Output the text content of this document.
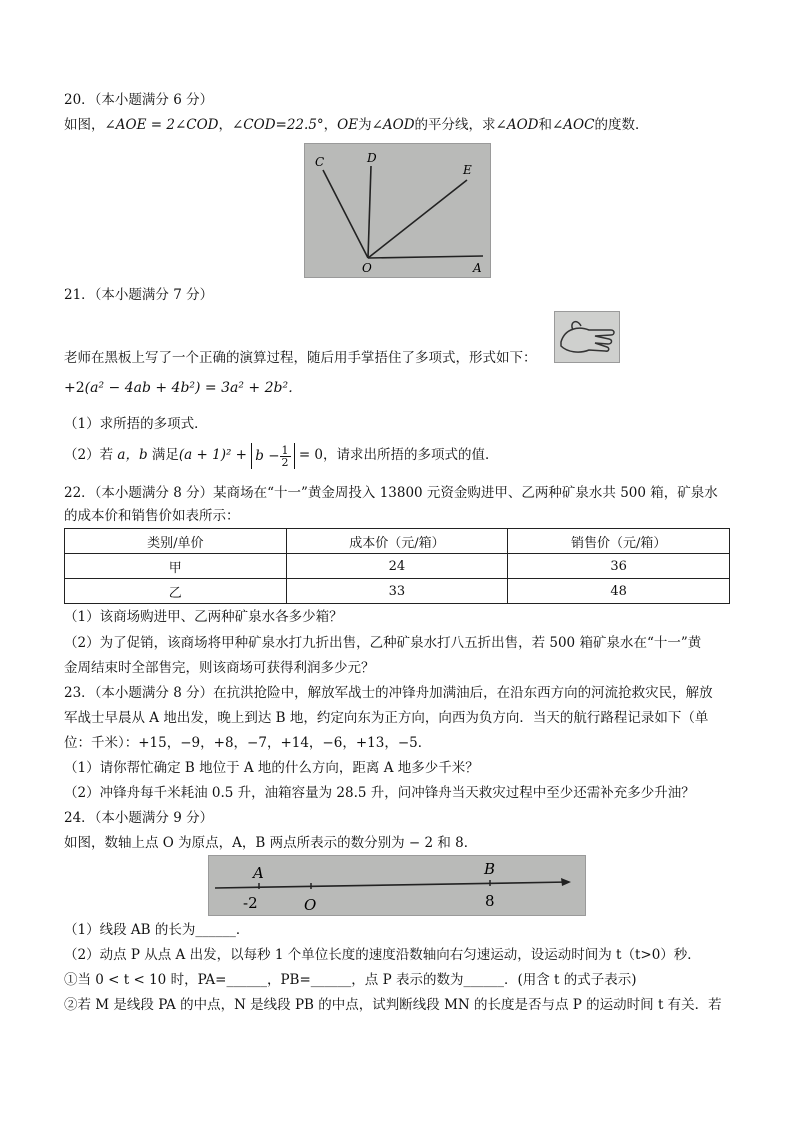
20．（本小题满分 6 分）
如图，∠AOE = 2∠COD，∠COD=22.5°，OE为∠AOD的平分线，求∠AOD和∠AOC的度数．
C	D
E
O	A
21．（本小题满分 7 分）
老师在黑板上写了一个正确的演算过程，随后用手掌捂住了多项式，形式如下：
+2(a² − 4ab + 4b²) = 3a² + 2b²．
（1）求所捂的多项式．
（2）若 a，b 满足$(a + 1)^2 + b - \frac{1}{2} = 0$，请求出所捂的多项式的值．
22．（本小题满分 8 分）某商场在“十一”黄金周投入 13800 元资金购进甲、乙两种矿泉水共 500 箱，矿泉水
的成本价和销售价如表所示：
类别/单价	成本价（元/箱）	销售价（元/箱）
甲	24	36
乙	33	48
（1）该商场购进甲、乙两种矿泉水各多少箱？
（2）为了促销，该商场将甲种矿泉水打九折出售，乙种矿泉水打八五折出售，若 500 箱矿泉水在“十一”黄
金周结束时全部售完，则该商场可获得利润多少元？
23．（本小题满分 8 分）在抗洪抢险中，解放军战士的冲锋舟加满油后，在沿东西方向的河流抢救灾民，解放
军战士早晨从 A 地出发，晚上到达 B 地，约定向东为正方向，向西为负方向．当天的航行路程记录如下（单
位：千米）：+15，−9，+8，−7，+14，−6，+13，−5．
（1）请你帮忙确定 B 地位于 A 地的什么方向，距离 A 地多少千米？
（2）冲锋舟每千米耗油 0.5 升，油箱容量为 28.5 升，问冲锋舟当天救灾过程中至少还需补充多少升油？
24．（本小题满分 9 分）
如图，数轴上点 O 为原点，A，B 两点所表示的数分别为 − 2 和 8．
A	B
-2	O	8
（1）线段 AB 的长为______．
（2）动点 P 从点 A 出发，以每秒 1 个单位长度的速度沿数轴向右匀速运动，设运动时间为 t（t>0）秒．
①当 0 < t < 10 时，PA=______，PB=______，点 P 表示的数为______．(用含 t 的式子表示)
②若 M 是线段 PA 的中点，N 是线段 PB 的中点，试判断线段 MN 的长度是否与点 P 的运动时间 t 有关．若
